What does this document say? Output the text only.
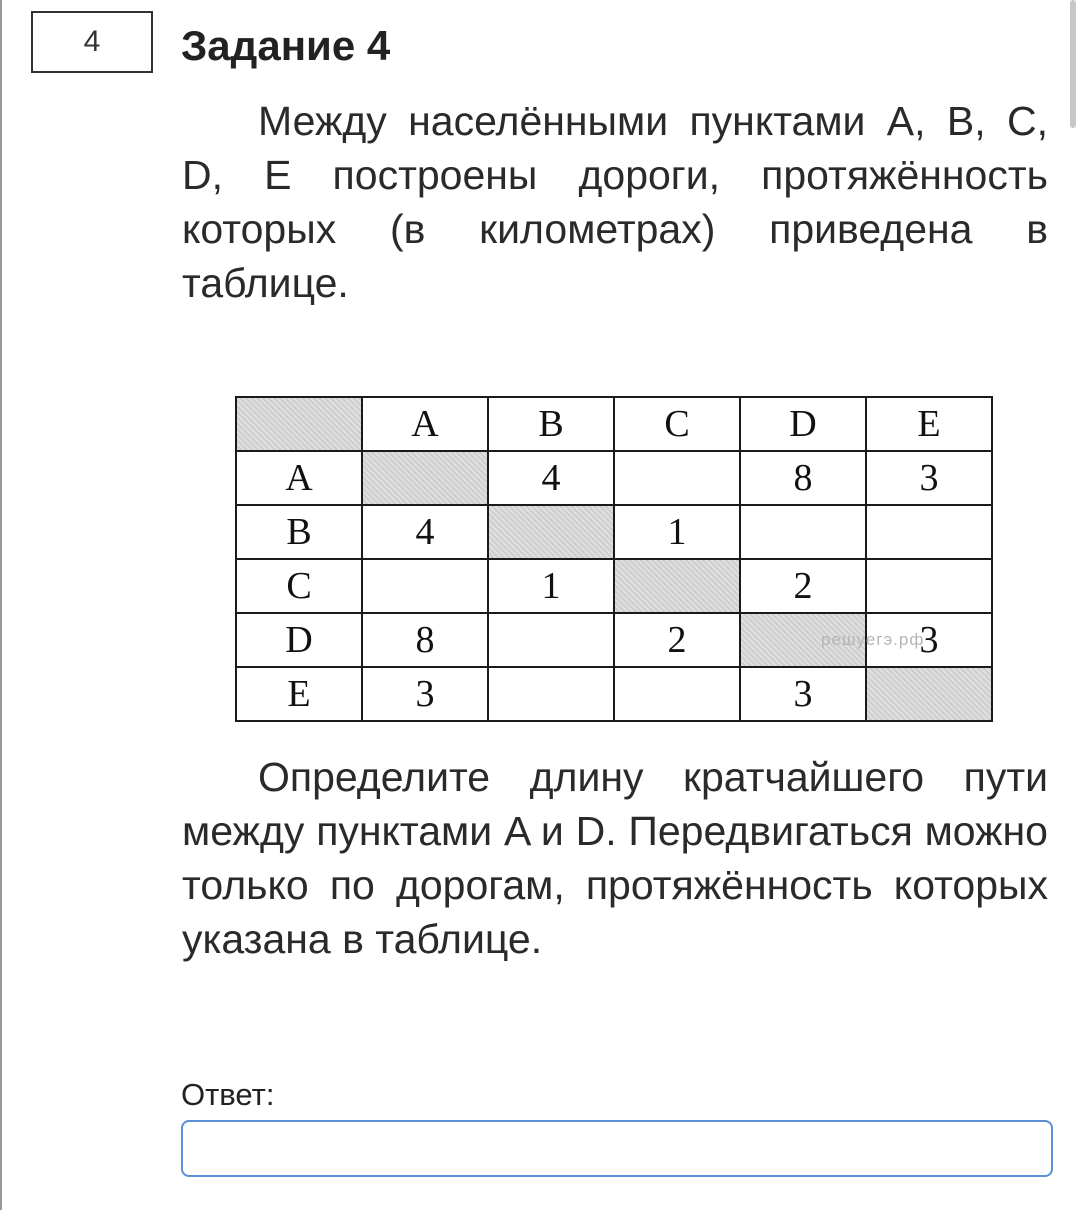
4 Задание 4

Между населёнными пунктами A, B, C, D, E построены дороги, протяжённость которых (в километрах) приведена в таблице.

	A	B	C	D	E
A		4		8	3
B	4		1		
C		1		2	
D	8		2	решуегэ.рф	3
E	3			3	

Определите длину кратчайшего пути между пунктами A и D. Передвигаться можно только по дорогам, протяжённость которых указана в таблице.

Ответ:
